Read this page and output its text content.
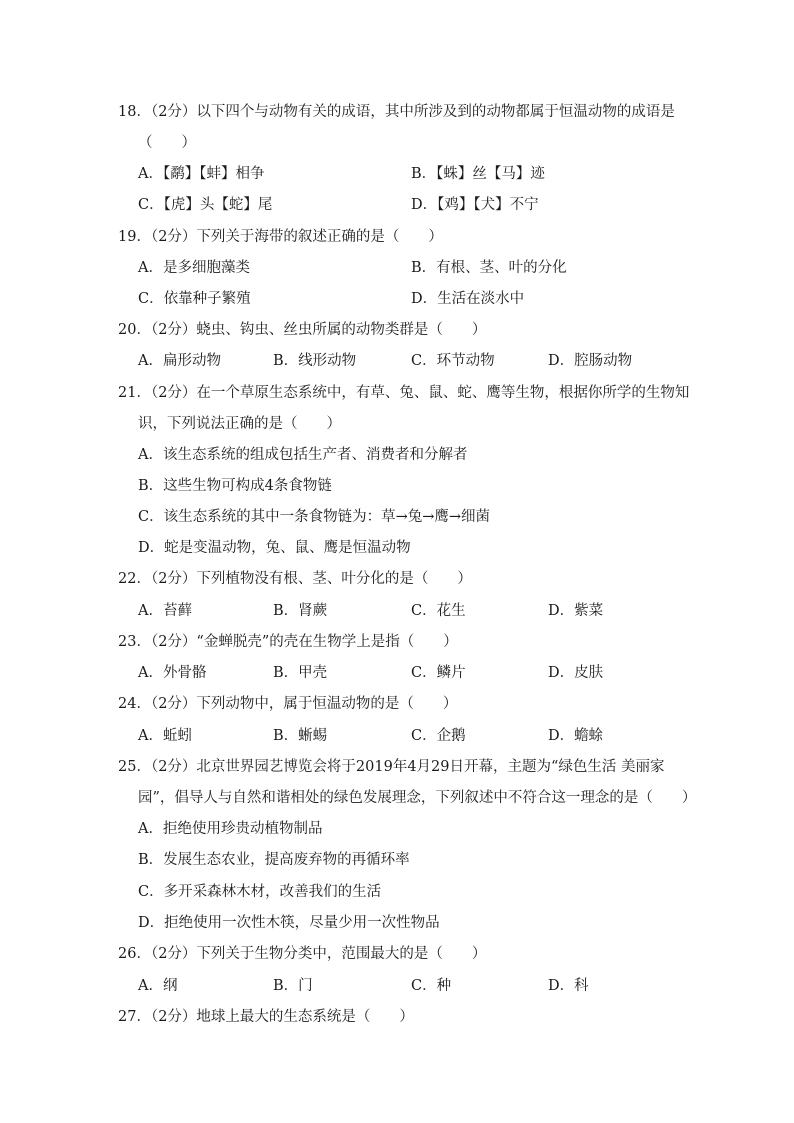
18．（2分）以下四个与动物有关的成语，其中所涉及到的动物都属于恒温动物的成语是
（　　）
A．【鹬】【蚌】相争	B．【蛛】丝【马】迹
C．【虎】头【蛇】尾	D．【鸡】【犬】不宁
19．（2分）下列关于海带的叙述正确的是（　　）
A．是多细胞藻类	B．有根、茎、叶的分化
C．依靠种子繁殖	D．生活在淡水中
20．（2分）蛲虫、钩虫、丝虫所属的动物类群是（　　）
A．扁形动物	B．线形动物	C．环节动物	D．腔肠动物
21．（2分）在一个草原生态系统中，有草、兔、鼠、蛇、鹰等生物，根据你所学的生物知
识，下列说法正确的是（　　）
A．该生态系统的组成包括生产者、消费者和分解者
B．这些生物可构成4条食物链
C．该生态系统的其中一条食物链为：草→兔→鹰→细菌
D．蛇是变温动物，兔、鼠、鹰是恒温动物
22．（2分）下列植物没有根、茎、叶分化的是（　　）
A．苔藓	B．肾蕨	C．花生	D．紫菜
23．（2分）“金蝉脱壳”的壳在生物学上是指（　　）
A．外骨骼	B．甲壳	C．鳞片	D．皮肤
24．（2分）下列动物中，属于恒温动物的是（　　）
A．蚯蚓	B．蜥蜴	C．企鹅	D．蟾蜍
25．（2分）北京世界园艺博览会将于2019年4月29日开幕，主题为“绿色生活 美丽家
园”，倡导人与自然和谐相处的绿色发展理念，下列叙述中不符合这一理念的是（　　）
A．拒绝使用珍贵动植物制品
B．发展生态农业，提高废弃物的再循环率
C．多开采森林木材，改善我们的生活
D．拒绝使用一次性木筷，尽量少用一次性物品
26．（2分）下列关于生物分类中，范围最大的是（　　）
A．纲	B．门	C．种	D．科
27．（2分）地球上最大的生态系统是（　　）
